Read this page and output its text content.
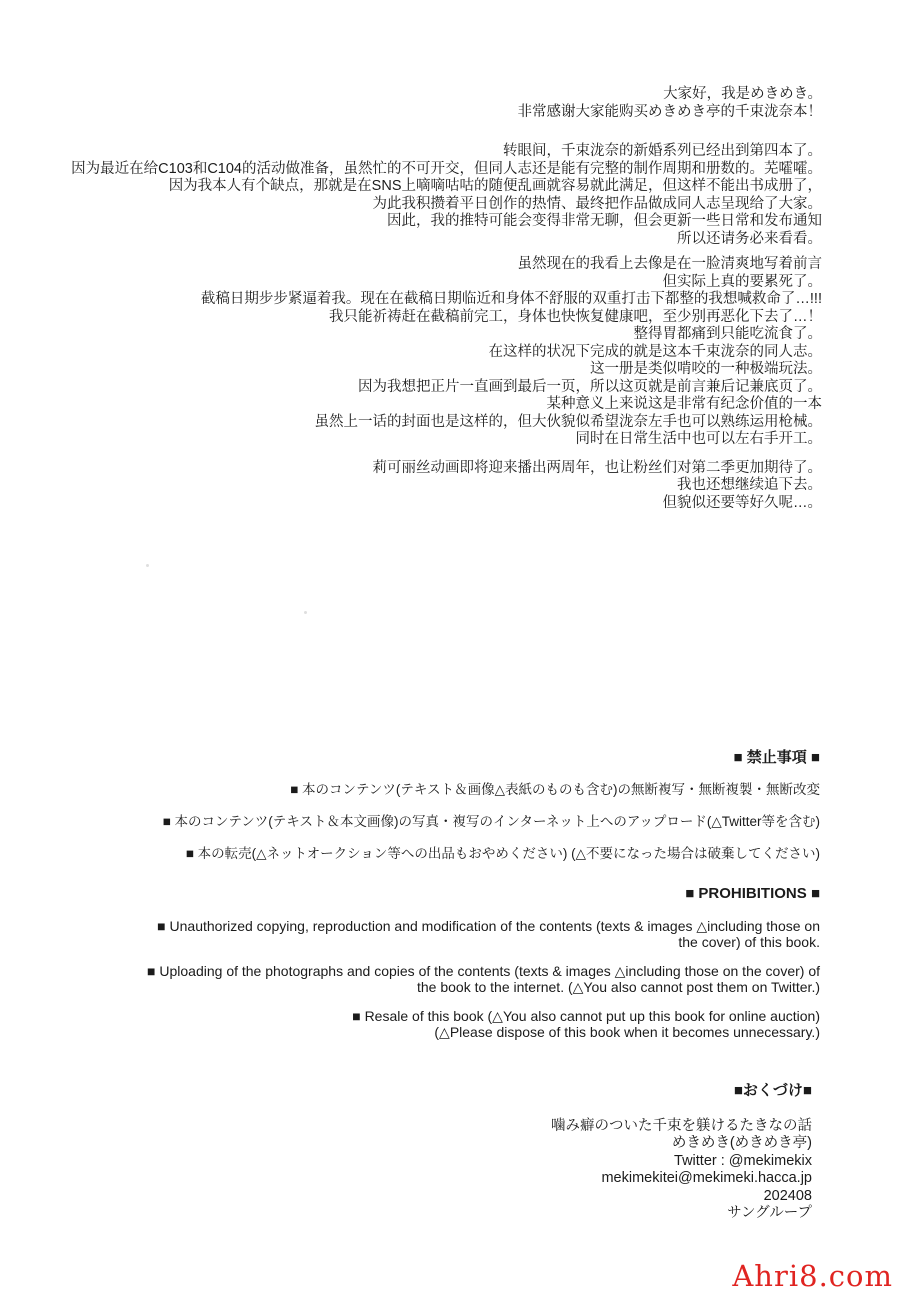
大家好，我是めきめき。
非常感谢大家能购买めきめき亭的千束泷奈本！
转眼间，千束泷奈的新婚系列已经出到第四本了。
因为最近在给C103和C104的活动做准备，虽然忙的不可开交，但同人志还是能有完整的制作周期和册数的。芜嚯嚯。
因为我本人有个缺点，那就是在SNS上嘀嘀咕咕的随便乱画就容易就此满足，但这样不能出书成册了，
为此我积攒着平日创作的热情、最终把作品做成同人志呈现给了大家。
因此，我的推特可能会变得非常无聊，但会更新一些日常和发布通知
所以还请务必来看看。
虽然现在的我看上去像是在一脸清爽地写着前言
但实际上真的要累死了。
截稿日期步步紧逼着我。现在在截稿日期临近和身体不舒服的双重打击下都整的我想喊救命了…!!!
我只能祈祷赶在截稿前完工，身体也快恢复健康吧，至少别再恶化下去了…！
整得胃都痛到只能吃流食了。
在这样的状况下完成的就是这本千束泷奈的同人志。
这一册是类似啃咬的一种极端玩法。
因为我想把正片一直画到最后一页，所以这页就是前言兼后记兼底页了。
某种意义上来说这是非常有纪念价值的一本
虽然上一话的封面也是这样的，但大伙貌似希望泷奈左手也可以熟练运用枪械。
同时在日常生活中也可以左右手开工。
莉可丽丝动画即将迎来播出两周年，也让粉丝们对第二季更加期待了。
我也还想继续追下去。
但貌似还要等好久呢…。
■ 禁止事項 ■
■ 本のコンテンツ(テキスト＆画像△表紙のものも含む)の無断複写・無断複製・無断改変
■ 本のコンテンツ(テキスト＆本文画像)の写真・複写のインターネット上へのアップロード(△Twitter等を含む)
■ 本の転売(△ネットオークション等への出品もおやめください) (△不要になった場合は破棄してください)
■ PROHIBITIONS ■
■ Unauthorized copying, reproduction and modification of the contents (texts & images △including those on
the cover) of this book.
■ Uploading of the photographs and copies of the contents (texts & images △including those on the cover) of
the book to the internet. (△You also cannot post them on Twitter.)
■ Resale of this book (△You also cannot put up this book for online auction)
(△Please dispose of this book when it becomes unnecessary.)
■おくづけ■
噛み癖のついた千束を躾けるたきなの話
めきめき(めきめき亭)
Twitter : @mekimekix
mekimekitei@mekimeki.hacca.jp
202408
サングループ
Ahri8.com
